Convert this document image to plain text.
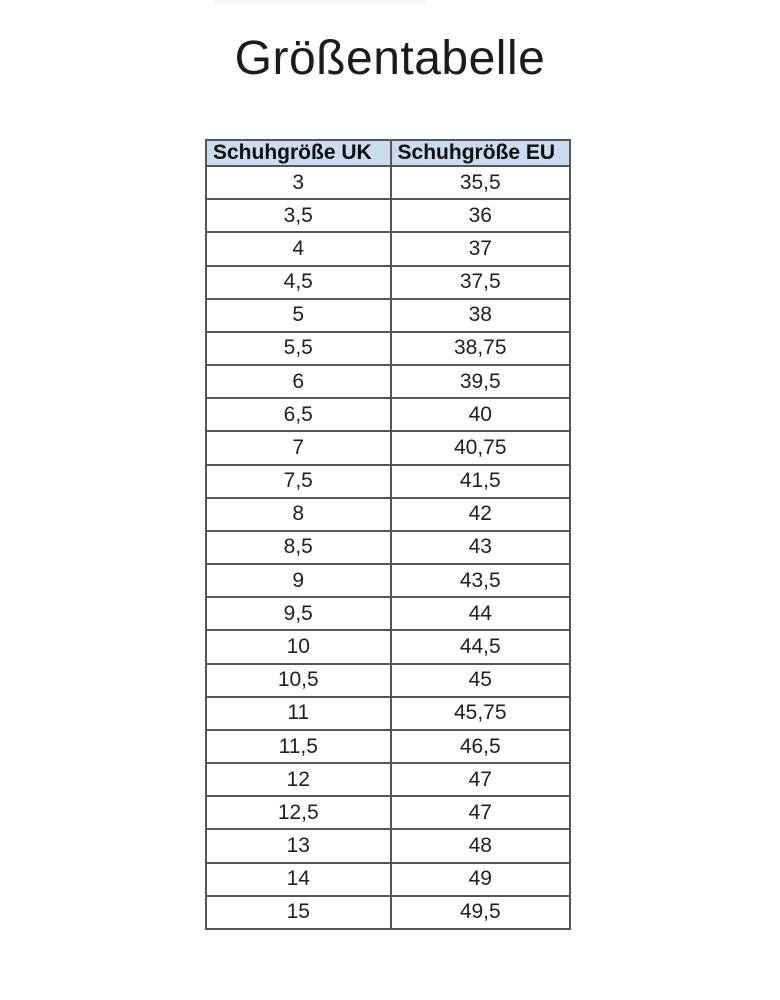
Größentabelle
Schuhgröße UK	Schuhgröße EU
3	35,5
3,5	36
4	37
4,5	37,5
5	38
5,5	38,75
6	39,5
6,5	40
7	40,75
7,5	41,5
8	42
8,5	43
9	43,5
9,5	44
10	44,5
10,5	45
11	45,75
11,5	46,5
12	47
12,5	47
13	48
14	49
15	49,5
